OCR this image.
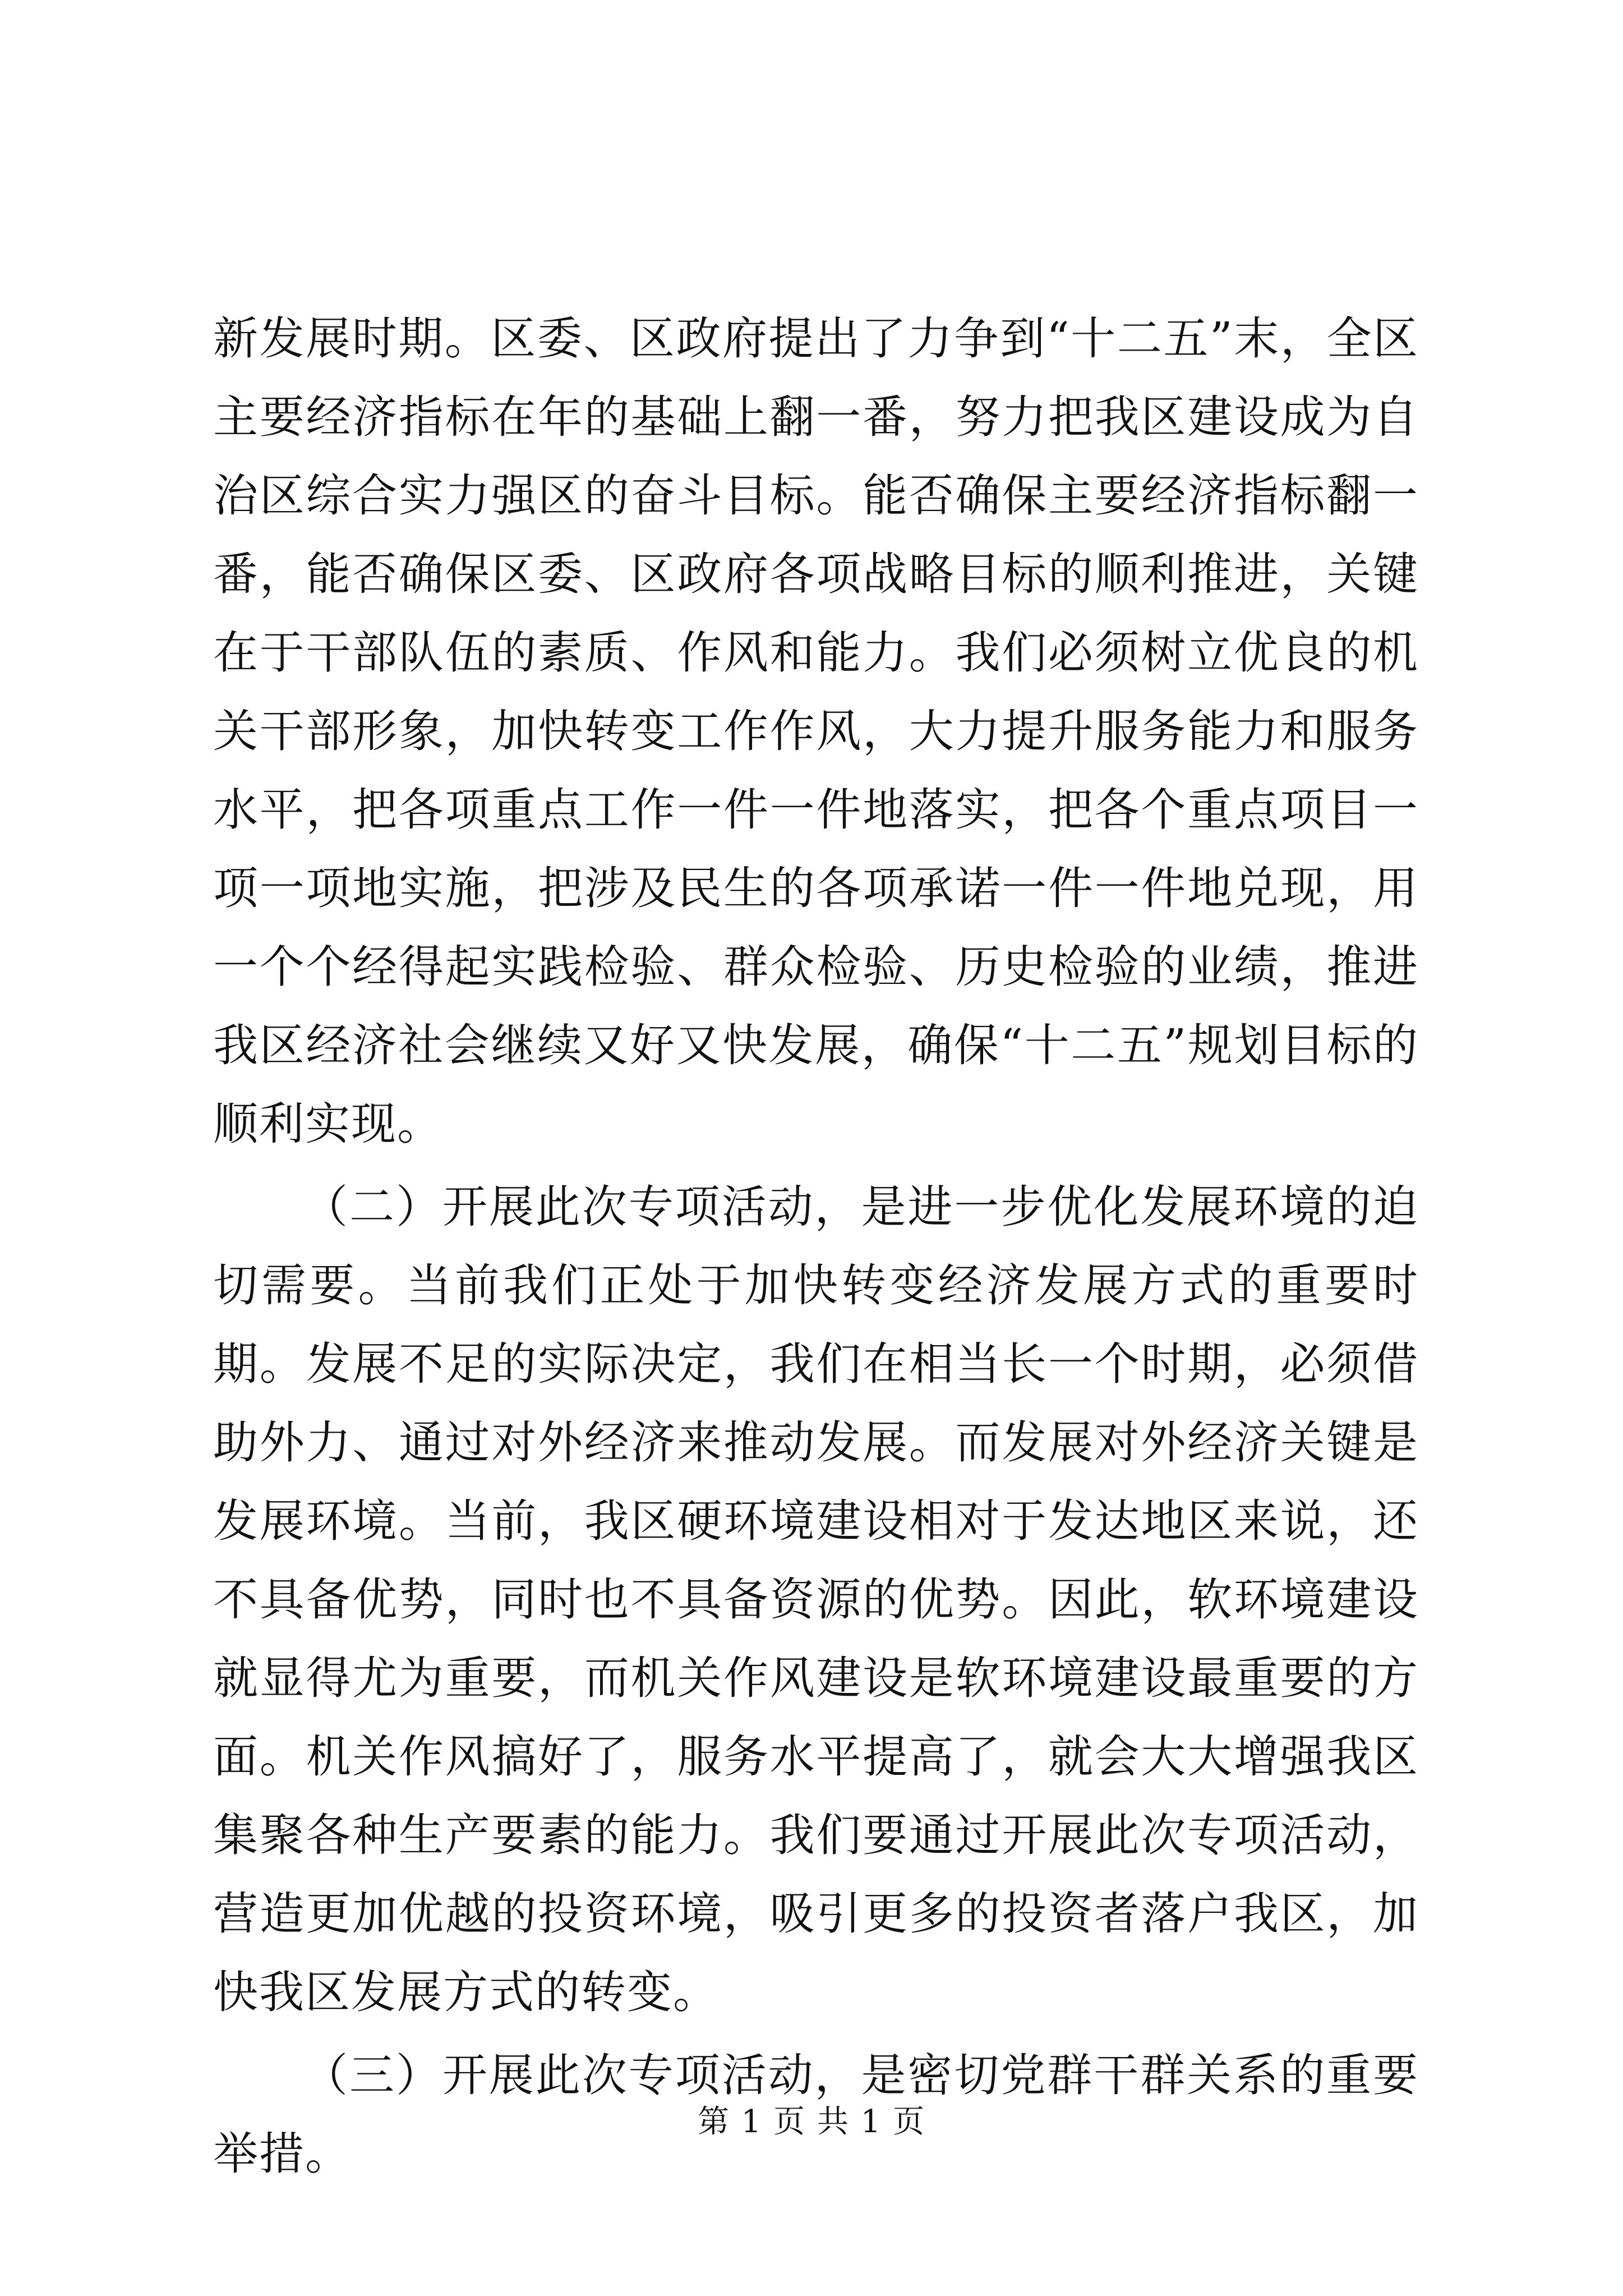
新发展时期。区委、区政府提出了力争到“十二五”末，全区主要经济指标在年的基础上翻一番，努力把我区建设成为自治区综合实力强区的奋斗目标。能否确保主要经济指标翻一番，能否确保区委、区政府各项战略目标的顺利推进，关键在于干部队伍的素质、作风和能力。我们必须树立优良的机关干部形象，加快转变工作作风，大力提升服务能力和服务水平，把各项重点工作一件一件地落实，把各个重点项目一项一项地实施，把涉及民生的各项承诺一件一件地兑现，用一个个经得起实践检验、群众检验、历史检验的业绩，推进我区经济社会继续又好又快发展，确保“十二五”规划目标的顺利实现。

（二）开展此次专项活动，是进一步优化发展环境的迫切需要。当前我们正处于加快转变经济发展方式的重要时期。发展不足的实际决定，我们在相当长一个时期，必须借助外力、通过对外经济来推动发展。而发展对外经济关键是发展环境。当前，我区硬环境建设相对于发达地区来说，还不具备优势，同时也不具备资源的优势。因此，软环境建设就显得尤为重要，而机关作风建设是软环境建设最重要的方面。机关作风搞好了，服务水平提高了，就会大大增强我区集聚各种生产要素的能力。我们要通过开展此次专项活动，营造更加优越的投资环境，吸引更多的投资者落户我区，加快我区发展方式的转变。

（三）开展此次专项活动，是密切党群干群关系的重要举措。

第 1 页 共 1 页
